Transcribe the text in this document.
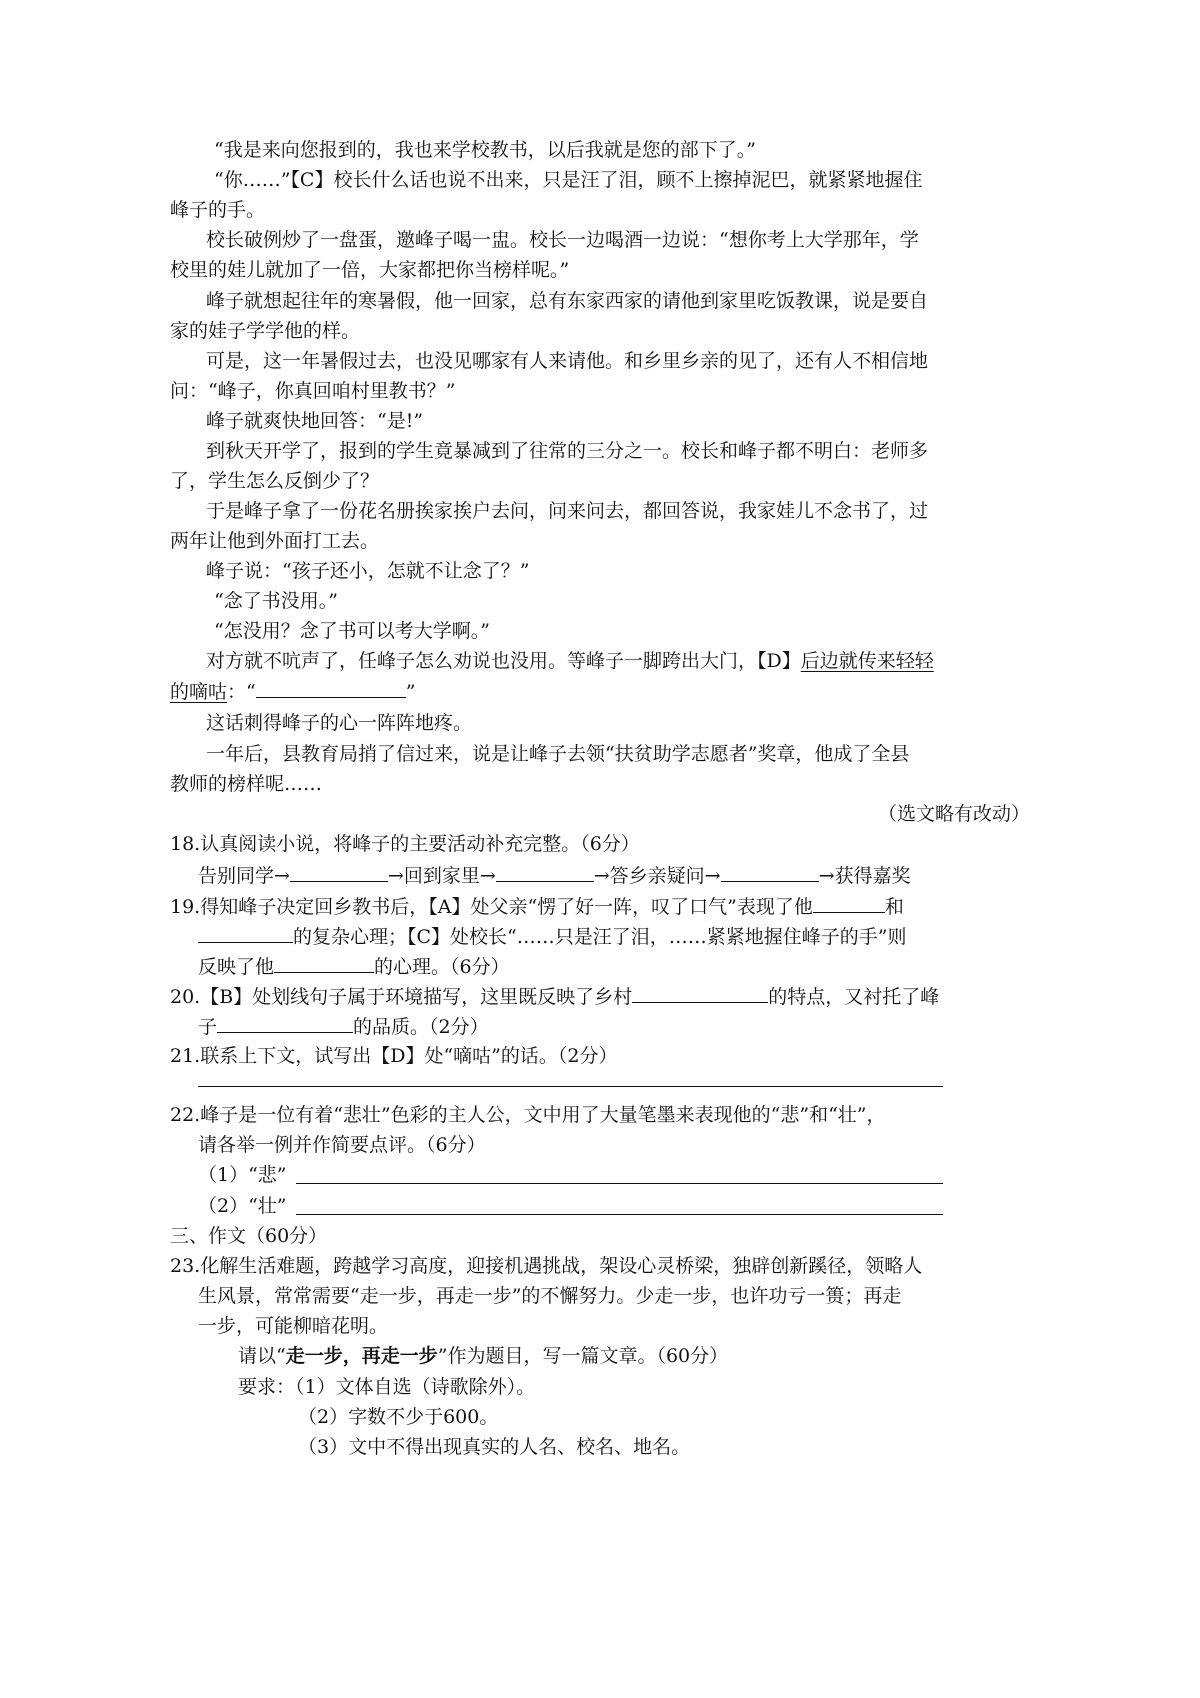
“我是来向您报到的，我也来学校教书，以后我就是您的部下了。”
“你……”【C】校长什么话也说不出来，只是汪了泪，顾不上擦掉泥巴，就紧紧地握住
峰子的手。
校长破例炒了一盘蛋，邀峰子喝一盅。校长一边喝酒一边说：“想你考上大学那年，学
校里的娃儿就加了一倍，大家都把你当榜样呢。”
峰子就想起往年的寒暑假，他一回家，总有东家西家的请他到家里吃饭教课，说是要自
家的娃子学学他的样。
可是，这一年暑假过去，也没见哪家有人来请他。和乡里乡亲的见了，还有人不相信地
问：“峰子，你真回咱村里教书？”
峰子就爽快地回答：“是!”
到秋天开学了，报到的学生竟暴减到了往常的三分之一。校长和峰子都不明白：老师多
了，学生怎么反倒少了？
于是峰子拿了一份花名册挨家挨户去问，问来问去，都回答说，我家娃儿不念书了，过
两年让他到外面打工去。
峰子说：“孩子还小，怎就不让念了？”
“念了书没用。”
“怎没用？念了书可以考大学啊。”
对方就不吭声了，任峰子怎么劝说也没用。等峰子一脚跨出大门，【D】后边就传来轻轻
的嘀咕：“	”
这话刺得峰子的心一阵阵地疼。
一年后，县教育局捎了信过来，说是让峰子去领“扶贫助学志愿者”奖章，他成了全县
教师的榜样呢……
（选文略有改动）
18.认真阅读小说，将峰子的主要活动补充完整。（6分）
告别同学→	→回到家里→	→答乡亲疑问→	→获得嘉奖
19.得知峰子决定回乡教书后，【A】处父亲“愣了好一阵，叹了口气”表现了他	和
的复杂心理；【C】处校长“……只是汪了泪，……紧紧地握住峰子的手”则
反映了他	的心理。（6分）
20.【B】处划线句子属于环境描写，这里既反映了乡村	的特点，又衬托了峰
子	的品质。（2分）
21.联系上下文，试写出【D】处“嘀咕”的话。（2分）
22.峰子是一位有着“悲壮”色彩的主人公，文中用了大量笔墨来表现他的“悲”和“壮”，
请各举一例并作简要点评。（6分）
（1）“悲”
（2）“壮”
三、作文（60分）
23.化解生活难题，跨越学习高度，迎接机遇挑战，架设心灵桥梁，独辟创新蹊径，领略人
生风景，常常需要“走一步，再走一步”的不懈努力。少走一步，也许功亏一篑；再走
一步，可能柳暗花明。
请以“走一步，再走一步”作为题目，写一篇文章。（60分）
要求：（1）文体自选（诗歌除外）。
（2）字数不少于600。
（3）文中不得出现真实的人名、校名、地名。
